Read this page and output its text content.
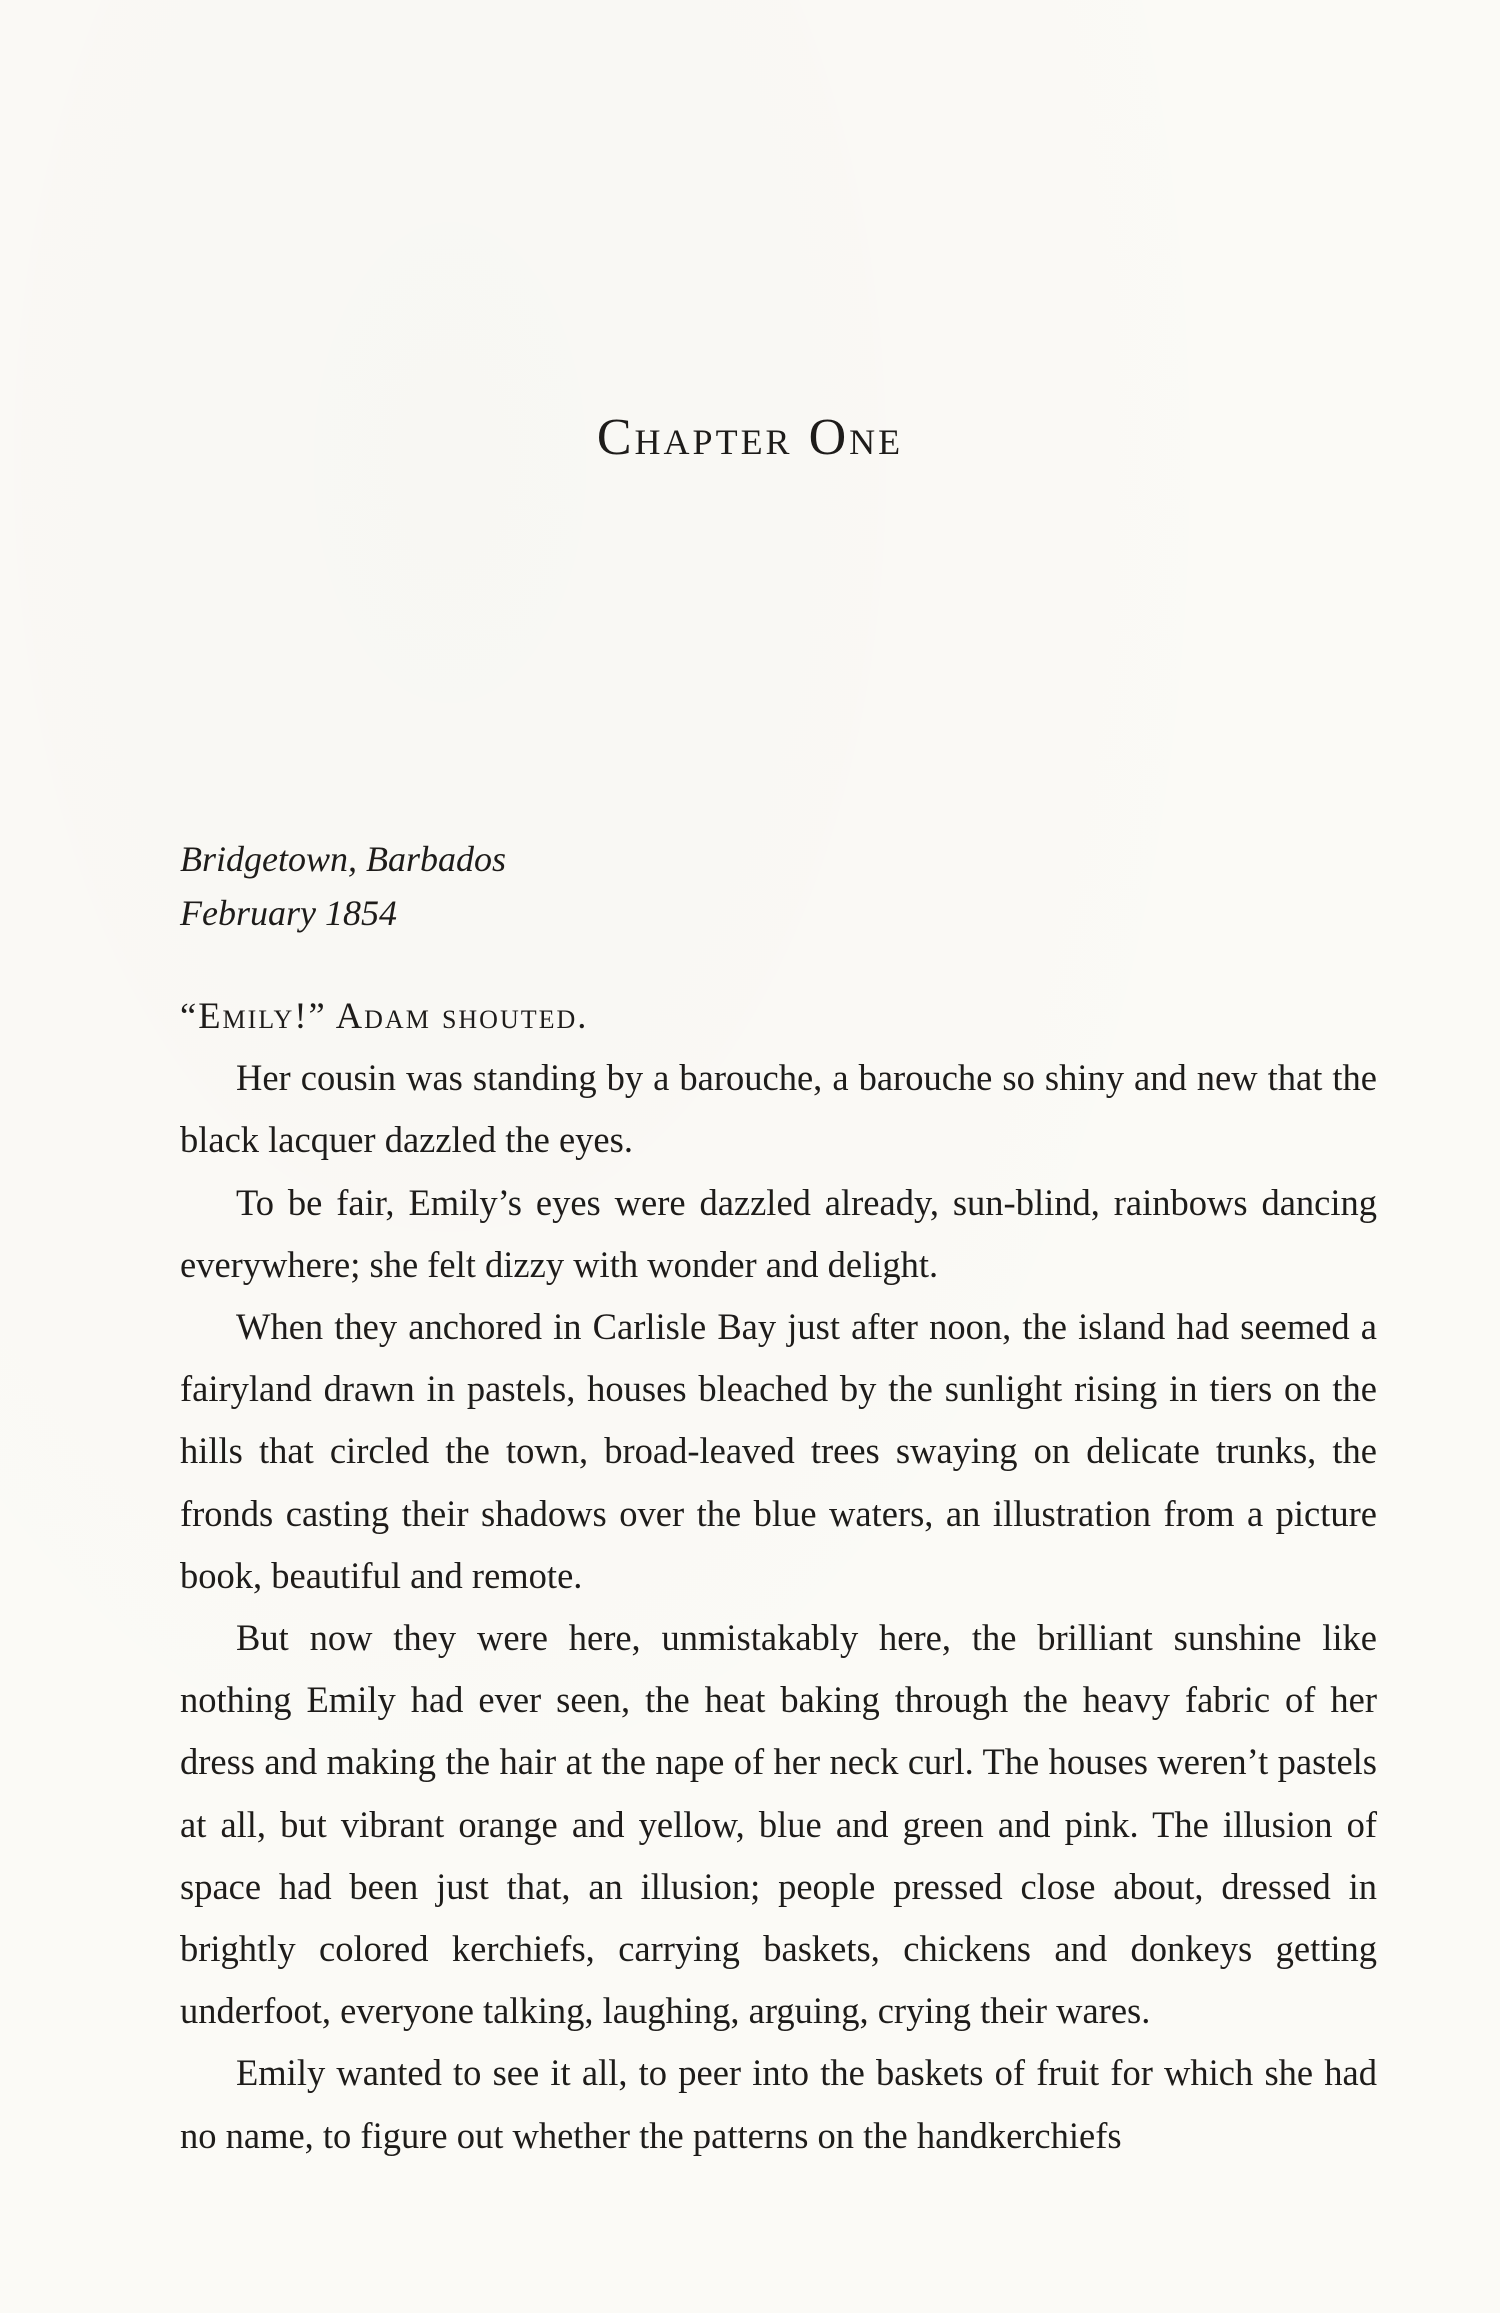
Chapter One
Bridgetown, Barbados
February 1854

“Emily!” Adam shouted.

Her cousin was standing by a barouche, a barouche so shiny and new that the black lacquer dazzled the eyes.

To be fair, Emily’s eyes were dazzled already, sun-blind, rainbows dancing everywhere; she felt dizzy with wonder and delight.

When they anchored in Carlisle Bay just after noon, the island had seemed a fairyland drawn in pastels, houses bleached by the sunlight rising in tiers on the hills that circled the town, broad-leaved trees swaying on delicate trunks, the fronds casting their shadows over the blue waters, an illustration from a picture book, beautiful and remote.

But now they were here, unmistakably here, the brilliant sunshine like nothing Emily had ever seen, the heat baking through the heavy fabric of her dress and making the hair at the nape of her neck curl. The houses weren’t pastels at all, but vibrant orange and yellow, blue and green and pink. The illusion of space had been just that, an illusion; people pressed close about, dressed in brightly colored kerchiefs, carrying baskets, chickens and donkeys getting underfoot, everyone talking, laughing, arguing, crying their wares.

Emily wanted to see it all, to peer into the baskets of fruit for which she had no name, to figure out whether the patterns on the handkerchiefs
